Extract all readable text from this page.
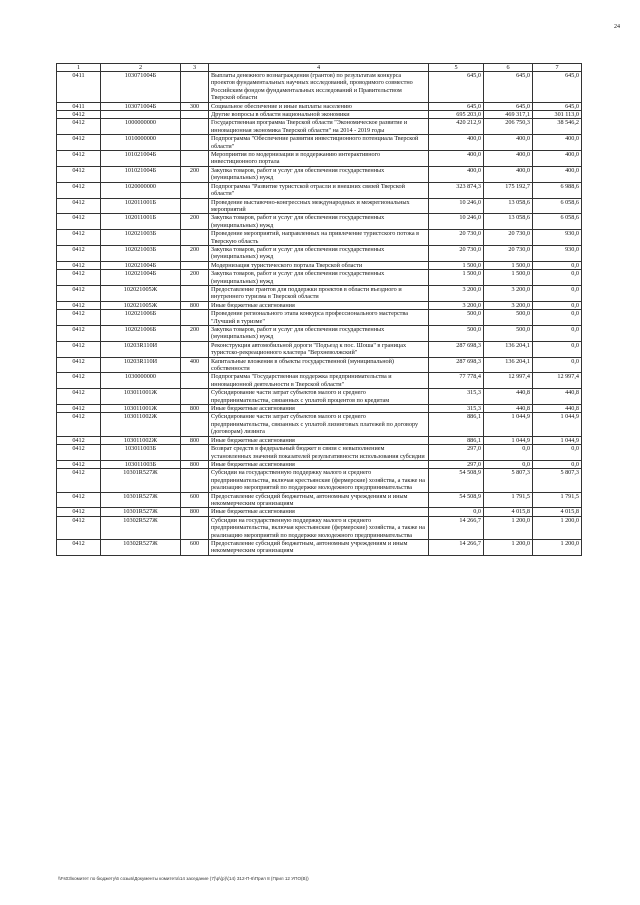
24
1	2	3	4	5	6	7
0411	103071004Б		Выплаты денежного вознаграждения (грантов) по результатам конкурса проектов фундаментальных научных исследований, проводимого совместно Российским фондом фундаментальных исследований и Правительством Тверской области	645,0	645,0	645,0
0411	103071004Б	300	Социальное обеспечение и иные выплаты населению	645,0	645,0	645,0
0412			Другие вопросы в области национальной экономики	695 203,0	469 317,1	301 113,0
0412	1000000000		Государственная программа Тверской области "Экономическое развитие и инновационная экономика Тверской области" на 2014 - 2019 годы	420 212,9	206 750,3	38 546,2
0412	1010000000		Подпрограмма "Обеспечение развития инвестиционного потенциала Тверской области"	400,0	400,0	400,0
0412	101021004Б		Мероприятия по модернизации и поддержанию интерактивного инвестиционного портала	400,0	400,0	400,0
0412	101021004Б	200	Закупка товаров, работ и услуг для обеспечения государственных (муниципальных) нужд	400,0	400,0	400,0
0412	1020000000		Подпрограмма "Развитие туристской отрасли и внешних связей Тверской области"	323 874,3	175 192,7	6 988,6
0412	102011001Б		Проведение выставочно-конгрессных международных и межрегиональных мероприятий	10 246,0	13 058,6	6 058,6
0412	102011001Б	200	Закупка товаров, работ и услуг для обеспечения государственных (муниципальных) нужд	10 246,0	13 058,6	6 058,6
0412	102021003Б		Проведение мероприятий, направленных на привлечение туристского потока в Тверскую область	20 730,0	20 730,0	930,0
0412	102021003Б	200	Закупка товаров, работ и услуг для обеспечения государственных (муниципальных) нужд	20 730,0	20 730,0	930,0
0412	102021004Б		Модернизация туристического портала Тверской области	1 500,0	1 500,0	0,0
0412	102021004Б	200	Закупка товаров, работ и услуг для обеспечения государственных (муниципальных) нужд	1 500,0	1 500,0	0,0
0412	102021005Ж		Предоставление грантов для поддержки проектов в области въездного и внутреннего туризма в Тверской области	3 200,0	3 200,0	0,0
0412	102021005Ж	800	Иные бюджетные ассигнования	3 200,0	3 200,0	0,0
0412	102021006Б		Проведение регионального этапа конкурса профессионального мастерства "Лучший в туризме"	500,0	500,0	0,0
0412	102021006Б	200	Закупка товаров, работ и услуг для обеспечения государственных (муниципальных) нужд	500,0	500,0	0,0
0412	10203R110И		Реконструкция автомобильной дороги "Подъезд к пос. Шоша" в границах туристско-рекреационного кластера "Верхневолжский"	287 698,3	136 204,1	0,0
0412	10203R110И	400	Капитальные вложения в объекты государственной (муниципальной) собственности	287 698,3	136 204,1	0,0
0412	1030000000		Подпрограмма "Государственная поддержка предпринимательства и инновационной деятельности в Тверской области"	77 778,4	12 997,4	12 997,4
0412	103011001Ж		Субсидирование части затрат субъектов малого и среднего предпринимательства, связанных с уплатой процентов по кредитам	315,3	440,8	440,8
0412	103011001Ж	800	Иные бюджетные ассигнования	315,3	440,8	440,8
0412	103011002Ж		Субсидирование части затрат субъектов малого и среднего предпринимательства, связанных с уплатой лизинговых платежей по договору (договорам) лизинга	886,1	1 044,9	1 044,9
0412	103011002Ж	800	Иные бюджетные ассигнования	886,1	1 044,9	1 044,9
0412	103011003Б		Возврат средств в федеральный бюджет в связи с невыполнением установленных значений показателей результативности использования субсидии	297,0	0,0	0,0
0412	103011003Б	800	Иные бюджетные ассигнования	297,0	0,0	0,0
0412	10301R527Ж		Субсидии на государственную поддержку малого и среднего предпринимательства, включая крестьянские (фермерские) хозяйства, а также на реализацию мероприятий по поддержке молодежного предпринимательства	54 508,9	5 807,3	5 807,3
0412	10301R527Ж	600	Предоставление субсидий бюджетным, автономным учреждениям и иным некоммерческим организациям	54 508,9	1 791,5	1 791,5
0412	10301R527Ж	800	Иные бюджетные ассигнования	0,0	4 015,8	4 015,8
0412	10302R527Ж		Субсидии на государственную поддержку малого и среднего предпринимательства, включая крестьянские (фермерские) хозяйства, а также на реализацию мероприятий по поддержке молодежного предпринимательства	14 266,7	1 200,0	1 200,0
0412	10302R527Ж	600	Предоставление субсидий бюджетным, автономным учреждениям и иным некоммерческим организациям	14 266,7	1 200,0	1 200,0
\\Fs03\комитет по бюджету\6 созыв\Документы комитета\14 заседание (7)\р\(р)\(14) 312-П-6\Прил 8 (Прил 12 УПО(В))
